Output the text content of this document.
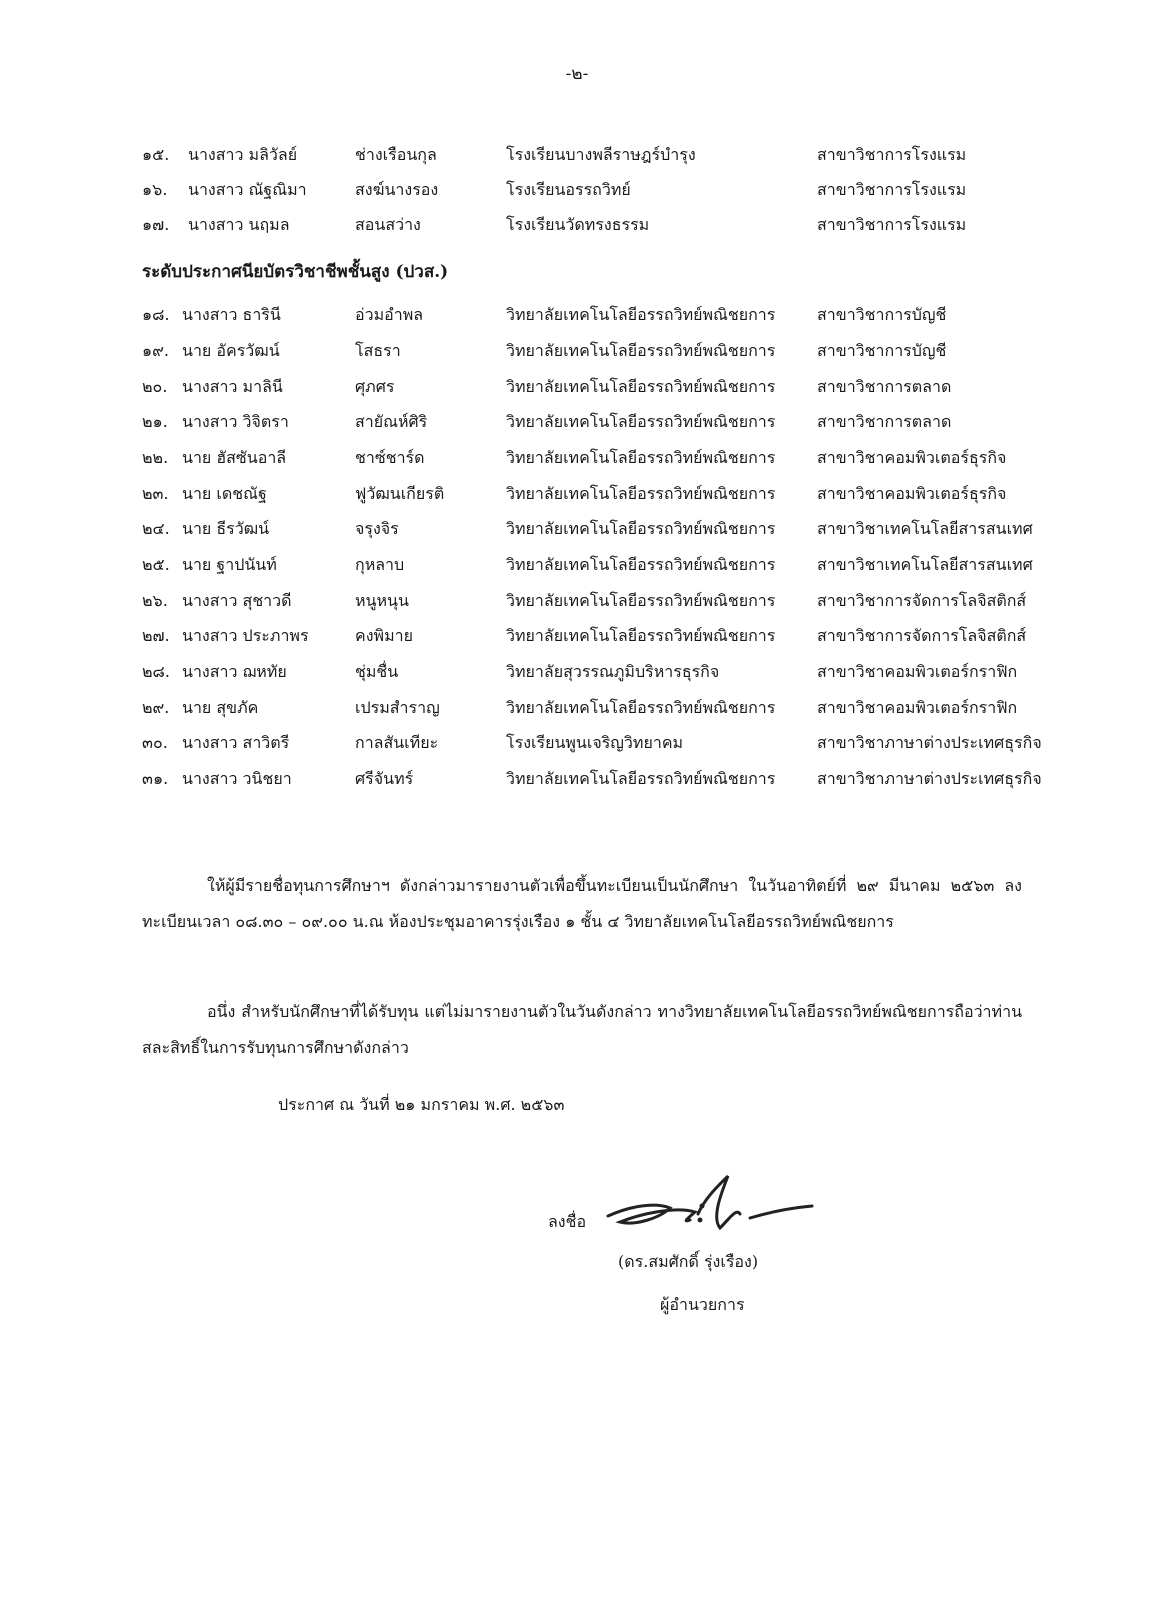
-๒-
๑๕. นางสาว มลิวัลย์	ช่างเรือนกุล	โรงเรียนบางพลีราษฎร์บำรุง	สาขาวิชาการโรงแรม
๑๖. นางสาว ณัฐณิมา	สงฆ์นางรอง	โรงเรียนอรรถวิทย์	สาขาวิชาการโรงแรม
๑๗. นางสาว นฤมล	สอนสว่าง	โรงเรียนวัดทรงธรรม	สาขาวิชาการโรงแรม
ระดับประกาศนียบัตรวิชาชีพชั้นสูง (ปวส.)
๑๘. นางสาว ธารินี	อ่วมอำพล	วิทยาลัยเทคโนโลยีอรรถวิทย์พณิชยการ	สาขาวิชาการบัญชี
๑๙. นาย อัครวัฒน์	โสธรา	วิทยาลัยเทคโนโลยีอรรถวิทย์พณิชยการ	สาขาวิชาการบัญชี
๒๐. นางสาว มาลินี	ศุภศร	วิทยาลัยเทคโนโลยีอรรถวิทย์พณิชยการ	สาขาวิชาการตลาด
๒๑. นางสาว วิจิตรา	สายัณห์ศิริ	วิทยาลัยเทคโนโลยีอรรถวิทย์พณิชยการ	สาขาวิชาการตลาด
๒๒. นาย ฮัสซันอาลี	ชาซ์ชาร์ด	วิทยาลัยเทคโนโลยีอรรถวิทย์พณิชยการ	สาขาวิชาคอมพิวเตอร์ธุรกิจ
๒๓. นาย เดชณัฐ	ฟูวัฒนเกียรติ	วิทยาลัยเทคโนโลยีอรรถวิทย์พณิชยการ	สาขาวิชาคอมพิวเตอร์ธุรกิจ
๒๔. นาย ธีรวัฒน์	จรุงจิร	วิทยาลัยเทคโนโลยีอรรถวิทย์พณิชยการ	สาขาวิชาเทคโนโลยีสารสนเทศ
๒๕. นาย ฐาปนันท์	กุหลาบ	วิทยาลัยเทคโนโลยีอรรถวิทย์พณิชยการ	สาขาวิชาเทคโนโลยีสารสนเทศ
๒๖. นางสาว สุชาวดี	หนูหนุน	วิทยาลัยเทคโนโลยีอรรถวิทย์พณิชยการ	สาขาวิชาการจัดการโลจิสติกส์
๒๗. นางสาว ประภาพร	คงพิมาย	วิทยาลัยเทคโนโลยีอรรถวิทย์พณิชยการ	สาขาวิชาการจัดการโลจิสติกส์
๒๘. นางสาว ฌหทัย	ชุ่มชื่น	วิทยาลัยสุวรรณภูมิบริหารธุรกิจ	สาขาวิชาคอมพิวเตอร์กราฟิก
๒๙. นาย สุขภัค	เปรมสำราญ	วิทยาลัยเทคโนโลยีอรรถวิทย์พณิชยการ	สาขาวิชาคอมพิวเตอร์กราฟิก
๓๐. นางสาว สาวิตรี	กาลสันเทียะ	โรงเรียนพูนเจริญวิทยาคม	สาขาวิชาภาษาต่างประเทศธุรกิจ
๓๑. นางสาว วนิชยา	ศรีจันทร์	วิทยาลัยเทคโนโลยีอรรถวิทย์พณิชยการ	สาขาวิชาภาษาต่างประเทศธุรกิจ
ให้ผู้มีรายชื่อทุนการศึกษาฯ ดังกล่าวมารายงานตัวเพื่อขึ้นทะเบียนเป็นนักศึกษา ในวันอาทิตย์ที่ ๒๙ มีนาคม ๒๕๖๓ ลงทะเบียนเวลา ๐๘.๓๐ – ๐๙.๐๐ น.ณ ห้องประชุมอาคารรุ่งเรือง ๑ ชั้น ๔ วิทยาลัยเทคโนโลยีอรรถวิทย์พณิชยการ
อนึ่ง สำหรับนักศึกษาที่ได้รับทุน แต่ไม่มารายงานตัวในวันดังกล่าว ทางวิทยาลัยเทคโนโลยีอรรถวิทย์พณิชยการถือว่าท่านสละสิทธิ์ในการรับทุนการศึกษาดังกล่าว
ประกาศ ณ วันที่ ๒๑ มกราคม พ.ศ. ๒๕๖๓
ลงชื่อ
(ดร.สมศักดิ์ รุ่งเรือง)
ผู้อำนวยการ
